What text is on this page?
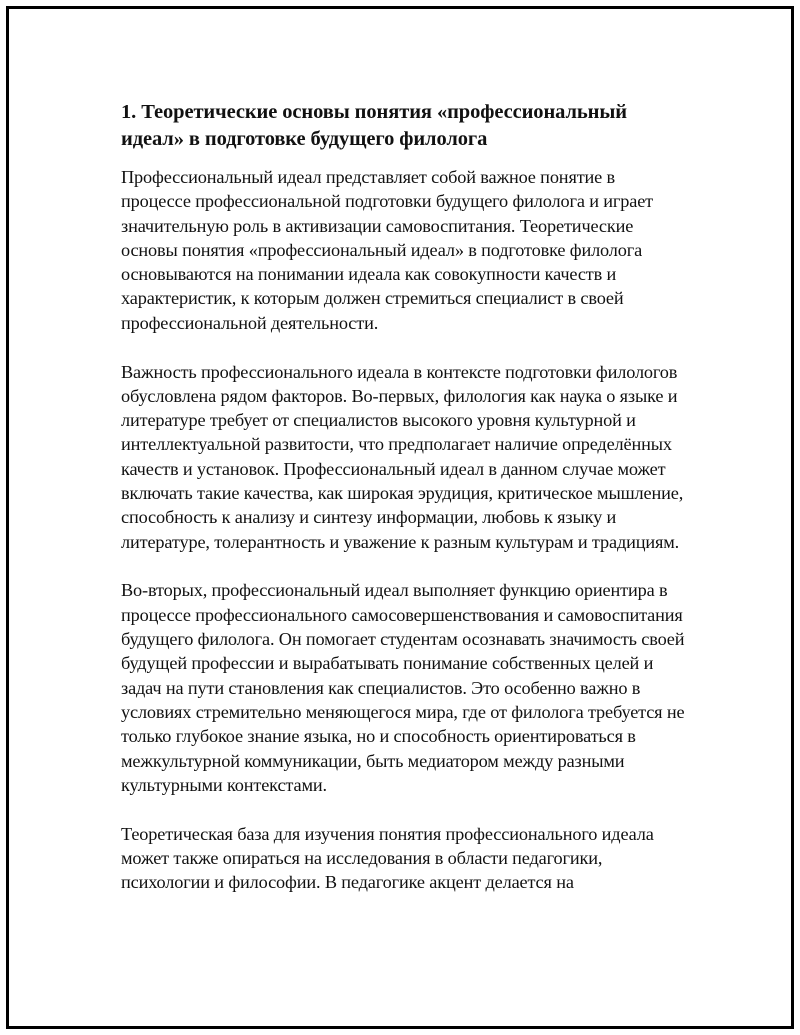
1. Теоретические основы понятия «профессиональный идеал» в подготовке будущего филолога

Профессиональный идеал представляет собой важное понятие в процессе профессиональной подготовки будущего филолога и играет значительную роль в активизации самовоспитания. Теоретические основы понятия «профессиональный идеал» в подготовке филолога основываются на понимании идеала как совокупности качеств и характеристик, к которым должен стремиться специалист в своей профессиональной деятельности.

Важность профессионального идеала в контексте подготовки филологов обусловлена рядом факторов. Во-первых, филология как наука о языке и литературе требует от специалистов высокого уровня культурной и интеллектуальной развитости, что предполагает наличие определённых качеств и установок. Профессиональный идеал в данном случае может включать такие качества, как широкая эрудиция, критическое мышление, способность к анализу и синтезу информации, любовь к языку и литературе, толерантность и уважение к разным культурам и традициям.

Во-вторых, профессиональный идеал выполняет функцию ориентира в процессе профессионального самосовершенствования и самовоспитания будущего филолога. Он помогает студентам осознавать значимость своей будущей профессии и вырабатывать понимание собственных целей и задач на пути становления как специалистов. Это особенно важно в условиях стремительно меняющегося мира, где от филолога требуется не только глубокое знание языка, но и способность ориентироваться в межкультурной коммуникации, быть медиатором между разными культурными контекстами.

Теоретическая база для изучения понятия профессионального идеала может также опираться на исследования в области педагогики, психологии и философии. В педагогике акцент делается на
